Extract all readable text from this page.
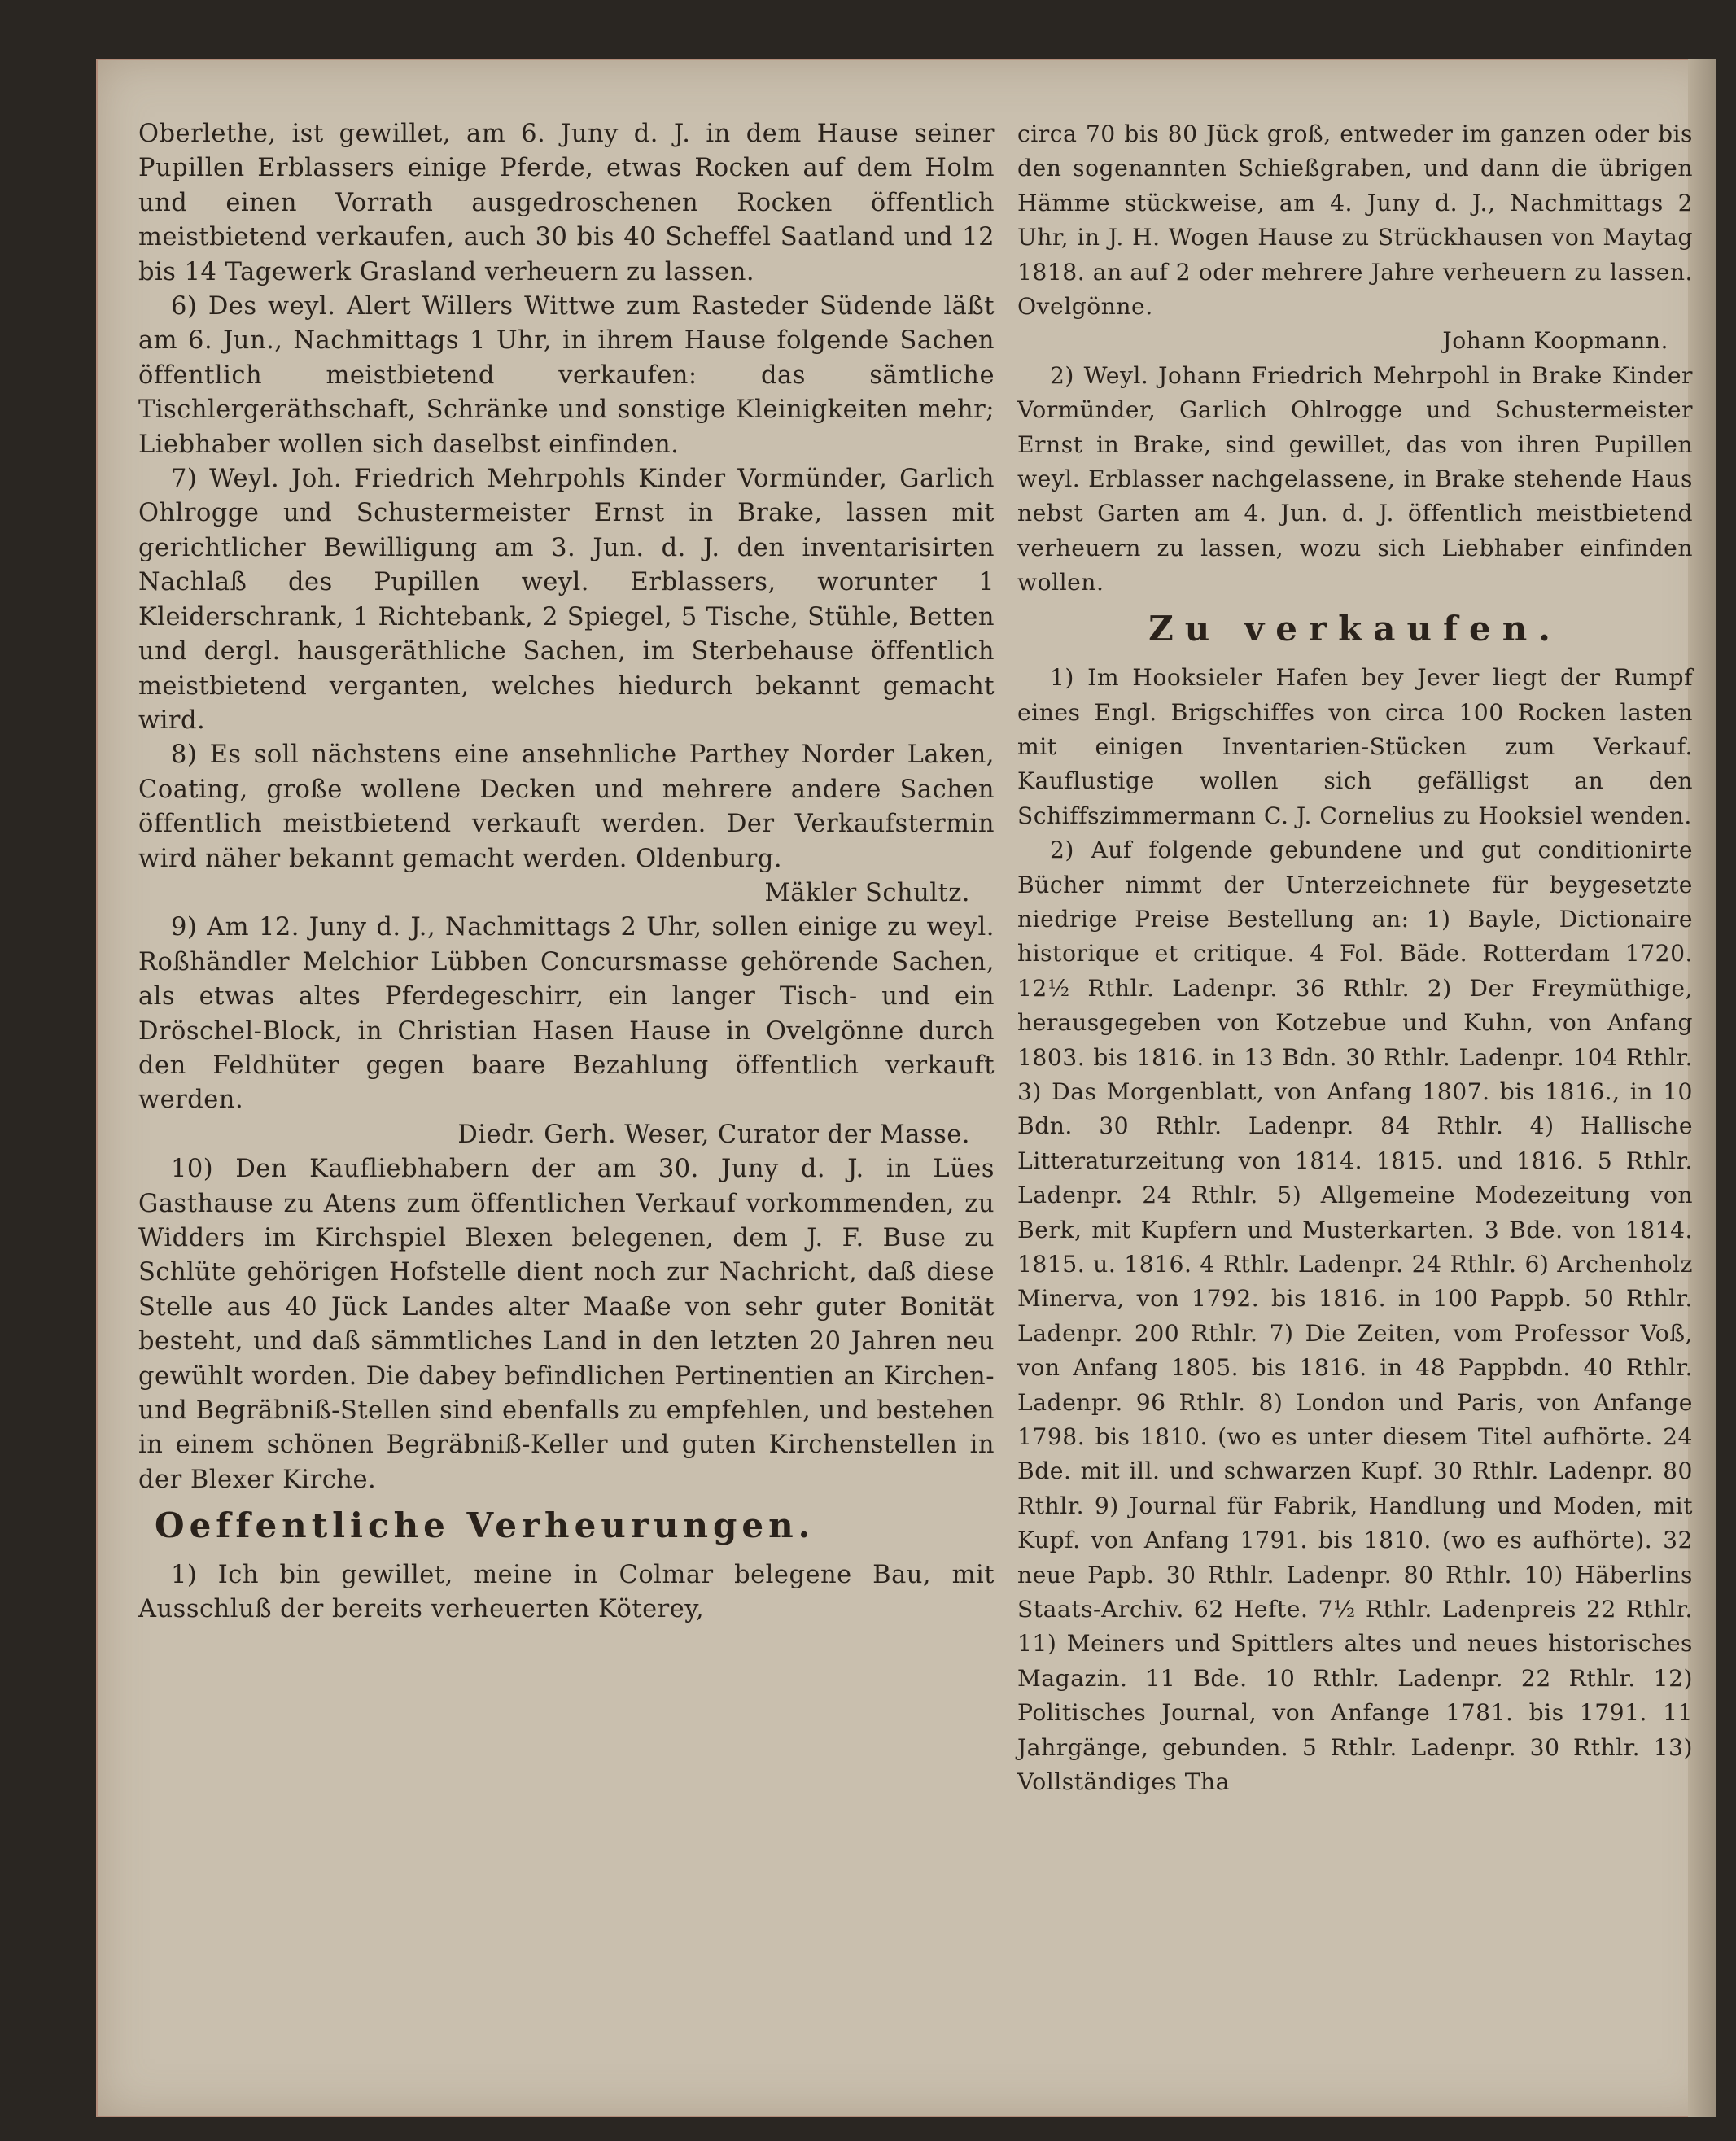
Oberlethe, ist gewillet, am 6. Juny d. J. in dem Hause seiner Pupillen Erblassers einige Pferde, etwas Rocken auf dem Holm und einen Vorrath ausgedroschenen Rocken öffentlich meistbietend verkaufen, auch 30 bis 40 Scheffel Saatland und 12 bis 14 Tagewerk Grasland verheuern zu lassen.

6) Des weyl. Alert Willers Wittwe zum Rasteder Südende läßt am 6. Jun., Nachmittags 1 Uhr, in ihrem Hause folgende Sachen öffentlich meistbietend verkaufen: das sämtliche Tischlergeräthschaft, Schränke und sonstige Kleinigkeiten mehr; Liebhaber wollen sich daselbst einfinden.

7) Weyl. Joh. Friedrich Mehrpohls Kinder Vormünder, Garlich Ohlrogge und Schustermeister Ernst in Brake, lassen mit gerichtlicher Bewilligung am 3. Jun. d. J. den inventarisirten Nachlaß des Pupillen weyl. Erblassers, worunter 1 Kleiderschrank, 1 Richtebank, 2 Spiegel, 5 Tische, Stühle, Betten und dergl. hausgeräthliche Sachen, im Sterbehause öffentlich meistbietend verganten, welches hiedurch bekannt gemacht wird.

8) Es soll nächstens eine ansehnliche Parthey Norder Laken, Coating, große wollene Decken und mehrere andere Sachen öffentlich meistbietend verkauft werden. Der Verkaufstermin wird näher bekannt gemacht werden. Oldenburg.

Mäkler Schultz.

9) Am 12. Juny d. J., Nachmittags 2 Uhr, sollen einige zu weyl. Roßhändler Melchior Lübben Concursmasse gehörende Sachen, als etwas altes Pferdegeschirr, ein langer Tisch- und ein Dröschel-Block, in Christian Hasen Hause in Ovelgönne durch den Feldhüter gegen baare Bezahlung öffentlich verkauft werden.

Diedr. Gerh. Weser, Curator der Masse.

10) Den Kaufliebhabern der am 30. Juny d. J. in Lües Gasthause zu Atens zum öffentlichen Verkauf vorkommenden, zu Widders im Kirchspiel Blexen belegenen, dem J. F. Buse zu Schlüte gehörigen Hofstelle dient noch zur Nachricht, daß diese Stelle aus 40 Jück Landes alter Maaße von sehr guter Bonität besteht, und daß sämmtliches Land in den letzten 20 Jahren neu gewühlt worden. Die dabey befindlichen Pertinentien an Kirchen- und Begräbniß-Stellen sind ebenfalls zu empfehlen, und bestehen in einem schönen Begräbniß-Keller und guten Kirchenstellen in der Blexer Kirche.

Oeffentliche Verheurungen.

1) Ich bin gewillet, meine in Colmar belegene Bau, mit Ausschluß der bereits verheuerten Köterey,

circa 70 bis 80 Jück groß, entweder im ganzen oder bis den sogenannten Schießgraben, und dann die übrigen Hämme stückweise, am 4. Juny d. J., Nachmittags 2 Uhr, in J. H. Wogen Hause zu Strückhausen von Maytag 1818. an auf 2 oder mehrere Jahre verheuern zu lassen. Ovelgönne.

Johann Koopmann.

2) Weyl. Johann Friedrich Mehrpohl in Brake Kinder Vormünder, Garlich Ohlrogge und Schustermeister Ernst in Brake, sind gewillet, das von ihren Pupillen weyl. Erblasser nachgelassene, in Brake stehende Haus nebst Garten am 4. Jun. d. J. öffentlich meistbietend verheuern zu lassen, wozu sich Liebhaber einfinden wollen.

Zu verkaufen.

1) Im Hooksieler Hafen bey Jever liegt der Rumpf eines Engl. Brigschiffes von circa 100 Rocken lasten mit einigen Inventarien-Stücken zum Verkauf. Kauflustige wollen sich gefälligst an den Schiffszimmermann C. J. Cornelius zu Hooksiel wenden.

2) Auf folgende gebundene und gut conditionirte Bücher nimmt der Unterzeichnete für beygesetzte niedrige Preise Bestellung an: 1) Bayle, Dictionaire historique et critique. 4 Fol. Bäde. Rotterdam 1720. 12½ Rthlr. Ladenpr. 36 Rthlr. 2) Der Freymüthige, herausgegeben von Kotzebue und Kuhn, von Anfang 1803. bis 1816. in 13 Bdn. 30 Rthlr. Ladenpr. 104 Rthlr. 3) Das Morgenblatt, von Anfang 1807. bis 1816., in 10 Bdn. 30 Rthlr. Ladenpr. 84 Rthlr. 4) Hallische Litteraturzeitung von 1814. 1815. und 1816. 5 Rthlr. Ladenpr. 24 Rthlr. 5) Allgemeine Modezeitung von Berk, mit Kupfern und Musterkarten. 3 Bde. von 1814. 1815. u. 1816. 4 Rthlr. Ladenpr. 24 Rthlr. 6) Archenholz Minerva, von 1792. bis 1816. in 100 Pappb. 50 Rthlr. Ladenpr. 200 Rthlr. 7) Die Zeiten, vom Professor Voß, von Anfang 1805. bis 1816. in 48 Pappbdn. 40 Rthlr. Ladenpr. 96 Rthlr. 8) London und Paris, von Anfange 1798. bis 1810. (wo es unter diesem Titel aufhörte. 24 Bde. mit ill. und schwarzen Kupf. 30 Rthlr. Ladenpr. 80 Rthlr. 9) Journal für Fabrik, Handlung und Moden, mit Kupf. von Anfang 1791. bis 1810. (wo es aufhörte). 32 neue Papb. 30 Rthlr. Ladenpr. 80 Rthlr. 10) Häberlins Staats-Archiv. 62 Hefte. 7½ Rthlr. Ladenpreis 22 Rthlr. 11) Meiners und Spittlers altes und neues historisches Magazin. 11 Bde. 10 Rthlr. Ladenpr. 22 Rthlr. 12) Politisches Journal, von Anfange 1781. bis 1791. 11 Jahrgänge, gebunden. 5 Rthlr. Ladenpr. 30 Rthlr. 13) Vollständiges Tha
